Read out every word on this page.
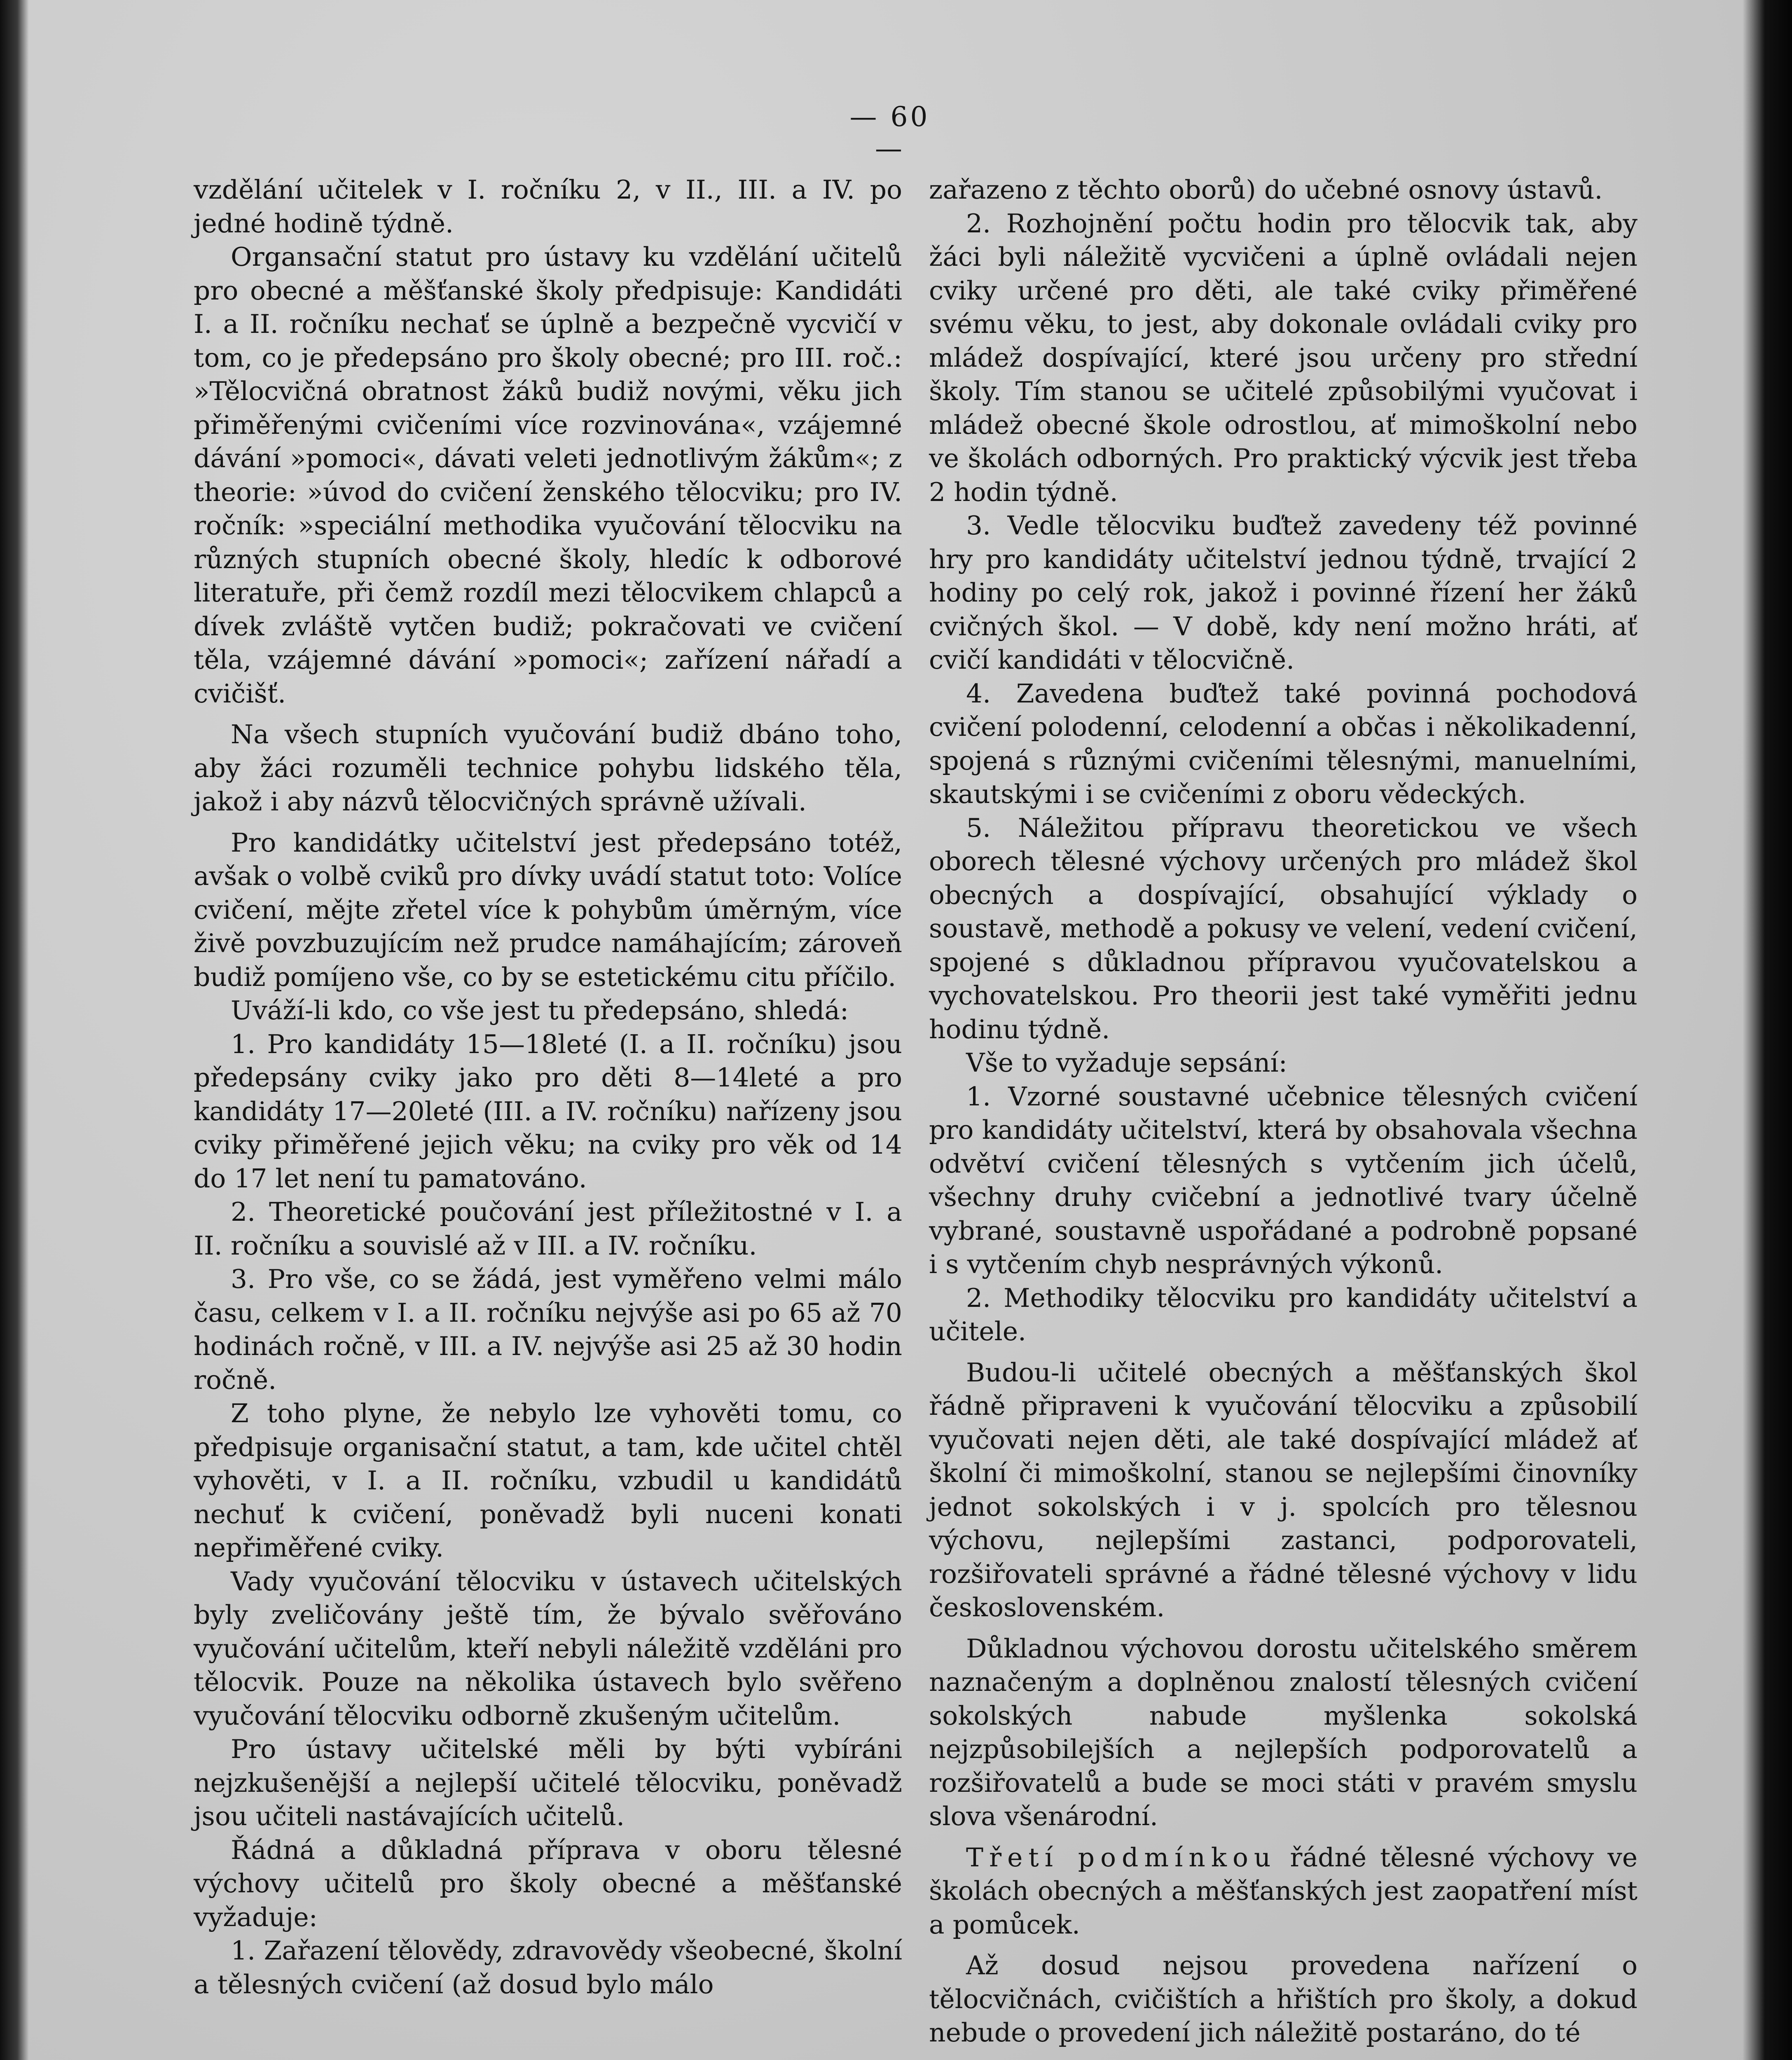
— 60 —

vzdělání učitelek v I. ročníku 2, v II., III. a IV. po jedné hodině týdně.

Organsační statut pro ústavy ku vzdělání učitelů pro obecné a měšťanské školy předpisuje: Kandidáti I. a II. ročníku nechať se úplně a bezpečně vycvičí v tom, co je předepsáno pro školy obecné; pro III. roč.: »Tělocvičná obratnost žáků budiž novými, věku jich přiměřenými cvičeními více rozvinována«, vzájemné dávání »pomoci«, dávati veleti jednotlivým žákům«; z theorie: »úvod do cvičení ženského tělocviku; pro IV. ročník: »speciální methodika vyučování tělocviku na různých stupních obecné školy, hledíc k odborové literatuře, při čemž rozdíl mezi tělocvikem chlapců a dívek zvláště vytčen budiž; pokračovati ve cvičení těla, vzájemné dávání »pomoci«; zařízení nářadí a cvičišť.

Na všech stupních vyučování budiž dbáno toho, aby žáci rozuměli technice pohybu lidského těla, jakož i aby názvů tělocvičných správně užívali.

Pro kandidátky učitelství jest předepsáno totéž, avšak o volbě cviků pro dívky uvádí statut toto: Volíce cvičení, mějte zřetel více k pohybům úměrným, více živě povzbuzujícím než prudce namáhajícím; zároveň budiž pomíjeno vše, co by se estetickému citu příčilo.

Uváží-li kdo, co vše jest tu předepsáno, shledá:

1. Pro kandidáty 15—18leté (I. a II. ročníku) jsou předepsány cviky jako pro děti 8—14leté a pro kandidáty 17—20leté (III. a IV. ročníku) nařízeny jsou cviky přiměřené jejich věku; na cviky pro věk od 14 do 17 let není tu pamatováno.

2. Theoretické poučování jest příležitostné v I. a II. ročníku a souvislé až v III. a IV. ročníku.

3. Pro vše, co se žádá, jest vyměřeno velmi málo času, celkem v I. a II. ročníku nejvýše asi po 65 až 70 hodinách ročně, v III. a IV. nejvýše asi 25 až 30 hodin ročně.

Z toho plyne, že nebylo lze vyhověti tomu, co předpisuje organisační statut, a tam, kde učitel chtěl vyhověti, v I. a II. ročníku, vzbudil u kandidátů nechuť k cvičení, poněvadž byli nuceni konati nepřiměřené cviky.

Vady vyučování tělocviku v ústavech učitelských byly zveličovány ještě tím, že bývalo svěřováno vyučování učitelům, kteří nebyli náležitě vzděláni pro tělocvik. Pouze na několika ústavech bylo svěřeno vyučování tělocviku odborně zkušeným učitelům.

Pro ústavy učitelské měli by býti vybíráni nejzkušenější a nejlepší učitelé tělocviku, poněvadž jsou učiteli nastávajících učitelů.

Řádná a důkladná příprava v oboru tělesné výchovy učitelů pro školy obecné a měšťanské vyžaduje:

1. Zařazení tělovědy, zdravovědy všeobecné, školní a tělesných cvičení (až dosud bylo málo

zařazeno z těchto oborů) do učebné osnovy ústavů.

2. Rozhojnění počtu hodin pro tělocvik tak, aby žáci byli náležitě vycvičeni a úplně ovládali nejen cviky určené pro děti, ale také cviky přiměřené svému věku, to jest, aby dokonale ovládali cviky pro mládež dospívající, které jsou určeny pro střední školy. Tím stanou se učitelé způsobilými vyučovat i mládež obecné škole odrostlou, ať mimoškolní nebo ve školách odborných. Pro praktický výcvik jest třeba 2 hodin týdně.

3. Vedle tělocviku buďtež zavedeny též povinné hry pro kandidáty učitelství jednou týdně, trvající 2 hodiny po celý rok, jakož i povinné řízení her žáků cvičných škol. — V době, kdy není možno hráti, ať cvičí kandidáti v tělocvičně.

4. Zavedena buďtež také povinná pochodová cvičení polodenní, celodenní a občas i několikadenní, spojená s různými cvičeními tělesnými, manuelními, skautskými i se cvičeními z oboru vědeckých.

5. Náležitou přípravu theoretickou ve všech oborech tělesné výchovy určených pro mládež škol obecných a dospívající, obsahující výklady o soustavě, methodě a pokusy ve velení, vedení cvičení, spojené s důkladnou přípravou vyučovatelskou a vychovatelskou. Pro theorii jest také vyměřiti jednu hodinu týdně.

Vše to vyžaduje sepsání:

1. Vzorné soustavné učebnice tělesných cvičení pro kandidáty učitelství, která by obsahovala všechna odvětví cvičení tělesných s vytčením jich účelů, všechny druhy cvičební a jednotlivé tvary účelně vybrané, soustavně uspořádané a podrobně popsané i s vytčením chyb nesprávných výkonů.

2. Methodiky tělocviku pro kandidáty učitelství a učitele.

Budou-li učitelé obecných a měšťanských škol řádně připraveni k vyučování tělocviku a způsobilí vyučovati nejen děti, ale také dospívající mládež ať školní či mimoškolní, stanou se nejlepšími činovníky jednot sokolských i v j. spolcích pro tělesnou výchovu, nejlepšími zastanci, podporovateli, rozšiřovateli správné a řádné tělesné výchovy v lidu československém.

Důkladnou výchovou dorostu učitelského směrem naznačeným a doplněnou znalostí tělesných cvičení sokolských nabude myšlenka sokolská nejzpůsobilejších a nejlepších podporovatelů a rozšiřovatelů a bude se moci státi v pravém smyslu slova všenárodní.

Třetí podmínkou řádné tělesné výchovy ve školách obecných a měšťanských jest zaopatření míst a pomůcek.

Až dosud nejsou provedena nařízení o tělocvičnách, cvičištích a hřištích pro školy, a dokud nebude o provedení jich náležitě postaráno, do té
